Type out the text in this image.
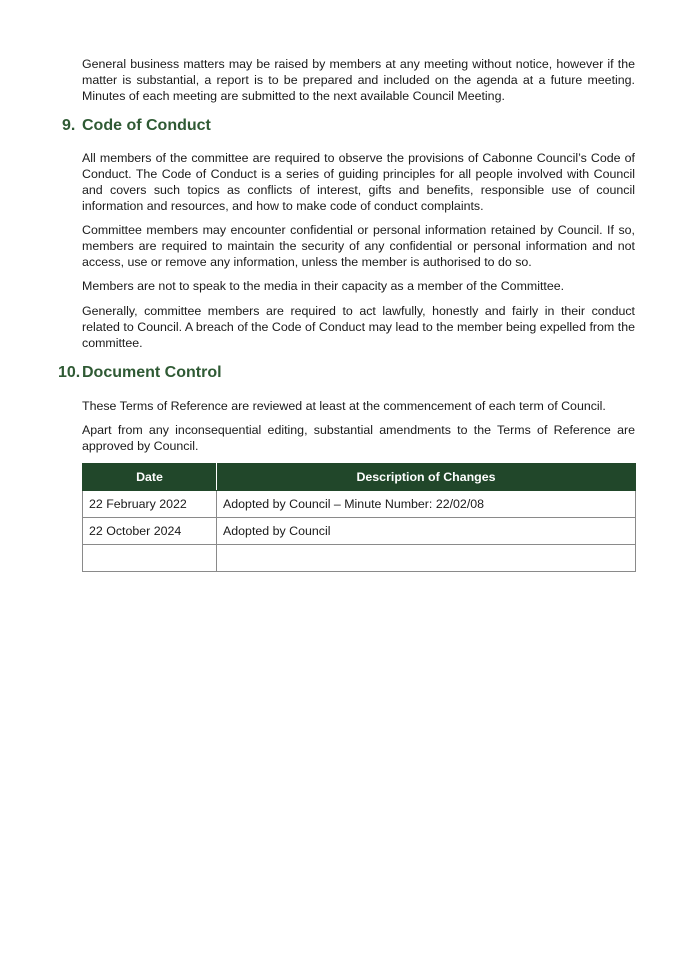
General business matters may be raised by members at any meeting without notice, however if the matter is substantial, a report is to be prepared and included on the agenda at a future meeting. Minutes of each meeting are submitted to the next available Council Meeting.

9. Code of Conduct

All members of the committee are required to observe the provisions of Cabonne Council’s Code of Conduct. The Code of Conduct is a series of guiding principles for all people involved with Council and covers such topics as conflicts of interest, gifts and benefits, responsible use of council information and resources, and how to make code of conduct complaints.

Committee members may encounter confidential or personal information retained by Council. If so, members are required to maintain the security of any confidential or personal information and not access, use or remove any information, unless the member is authorised to do so.

Members are not to speak to the media in their capacity as a member of the Committee.

Generally, committee members are required to act lawfully, honestly and fairly in their conduct related to Council. A breach of the Code of Conduct may lead to the member being expelled from the committee.

10. Document Control

These Terms of Reference are reviewed at least at the commencement of each term of Council.

Apart from any inconsequential editing, substantial amendments to the Terms of Reference are approved by Council.

Date	Description of Changes
22 February 2022	Adopted by Council – Minute Number: 22/02/08
22 October 2024	Adopted by Council
